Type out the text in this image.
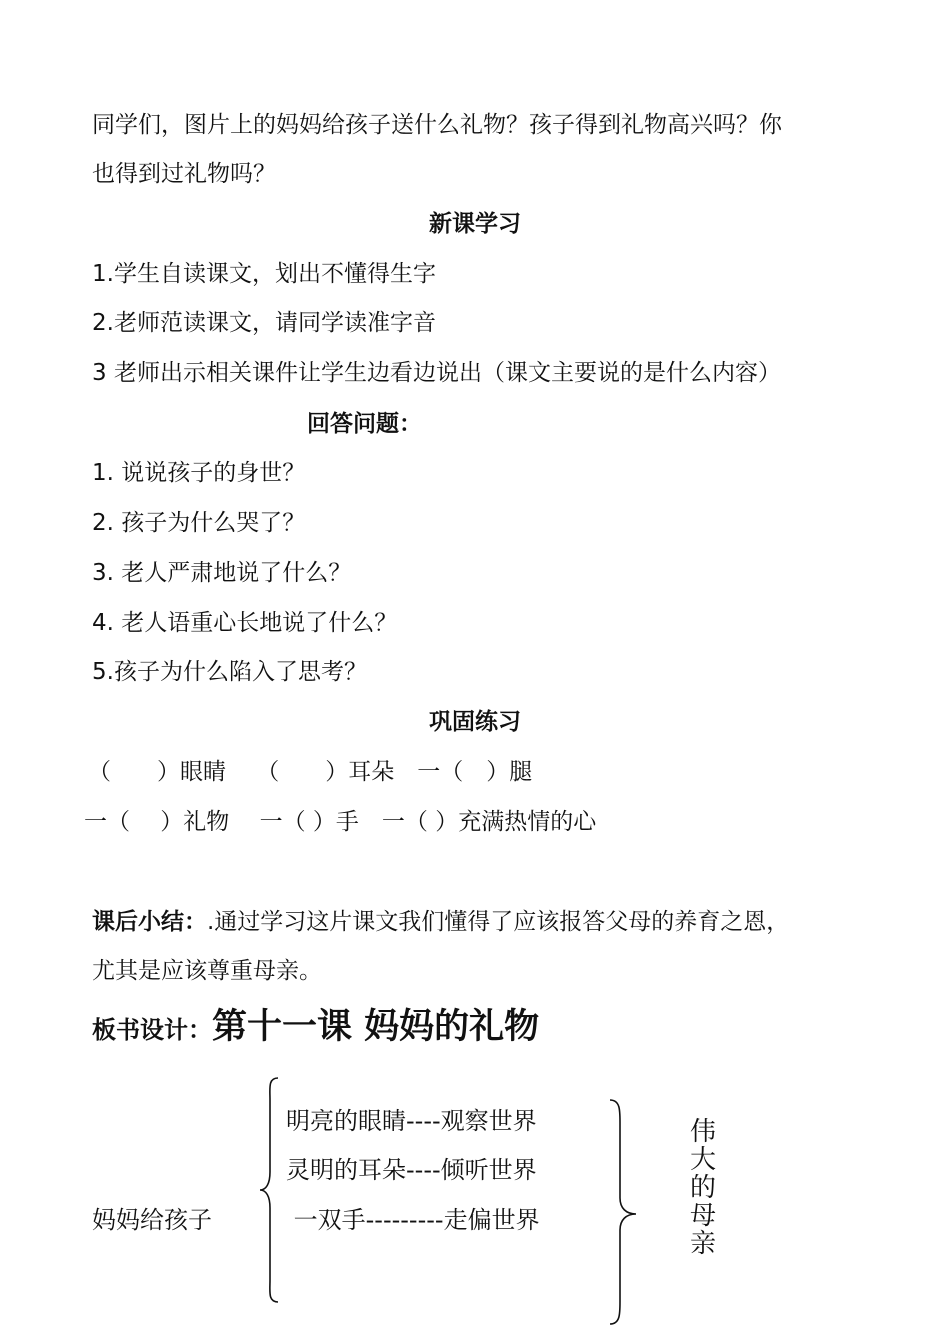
同学们，图片上的妈妈给孩子送什么礼物？孩子得到礼物高兴吗？你
也得到过礼物吗？
新课学习
1.学生自读课文，划出不懂得生字
2.老师范读课文，请同学读准字音
3 老师出示相关课件让学生边看边说出（课文主要说的是什么内容）
回答问题：
1. 说说孩子的身世？
2. 孩子为什么哭了？
3. 老人严肃地说了什么？
4. 老人语重心长地说了什么？
5.孩子为什么陷入了思考？
巩固练习
（　　）眼睛　 （　　）耳朵　一（　）腿
一（　 ）礼物　 一（ ）手　一（ ）充满热情的心
课后小结：.通过学习这片课文我们懂得了应该报答父母的养育之恩，
尤其是应该尊重母亲。
板书设计：第十一课 妈妈的礼物
妈妈给孩子
明亮的眼睛----观察世界
灵明的耳朵----倾听世界
一双手---------走偏世界
伟
大
的
母
亲
